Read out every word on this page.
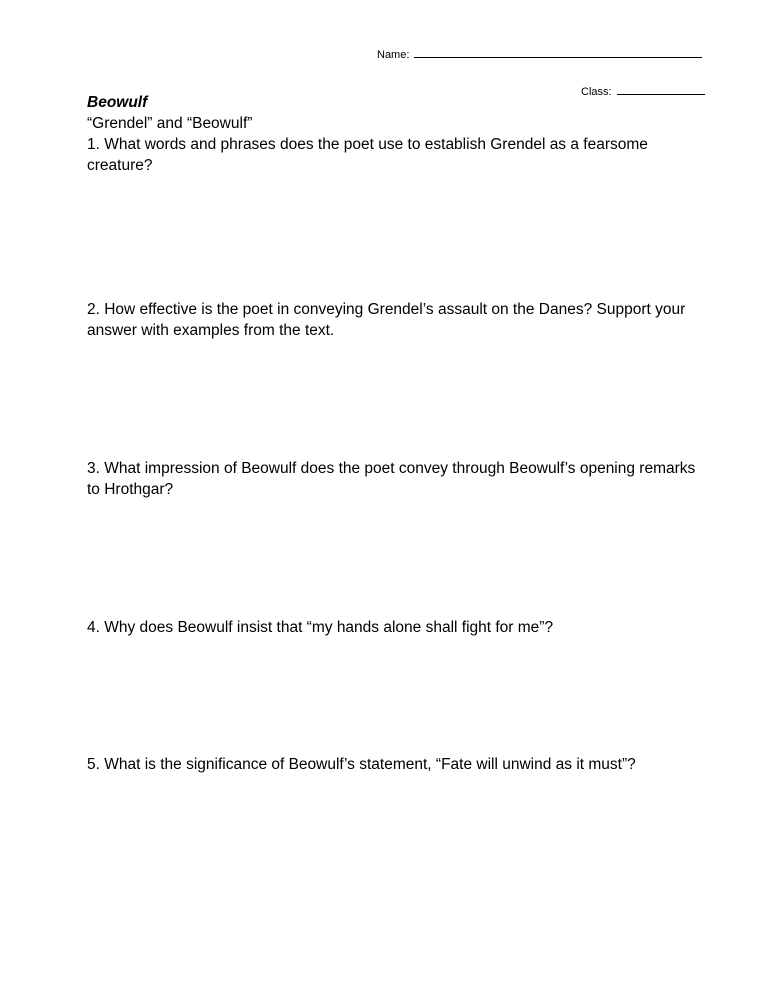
Name:
Class:

Beowulf

“Grendel” and “Beowulf”

1. What words and phrases does the poet use to establish Grendel as a fearsome creature?

2. How effective is the poet in conveying Grendel’s assault on the Danes? Support your answer with examples from the text.

3. What impression of Beowulf does the poet convey through Beowulf’s opening remarks to Hrothgar?

4. Why does Beowulf insist that “my hands alone shall fight for me”?

5. What is the significance of Beowulf’s statement, “Fate will unwind as it must”?
